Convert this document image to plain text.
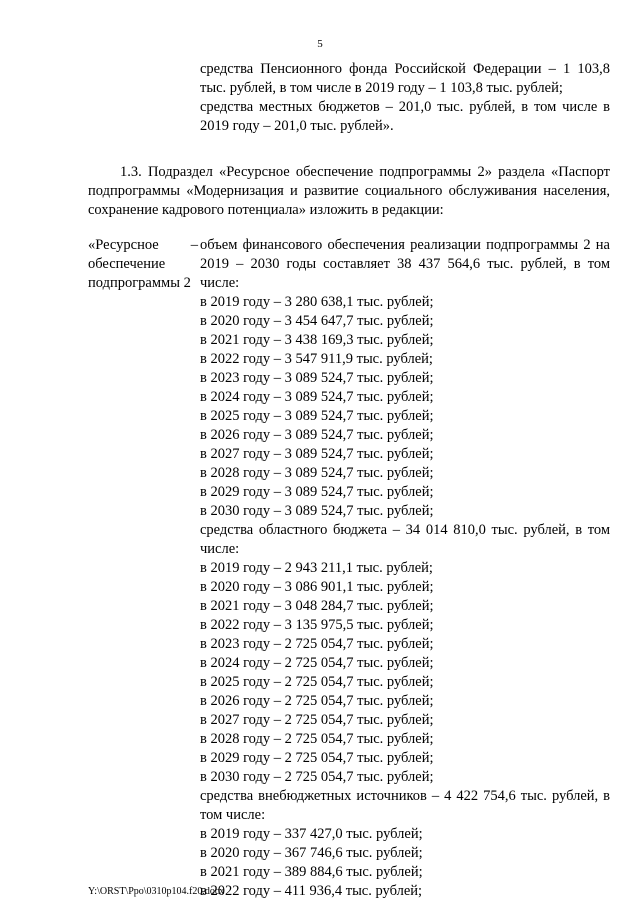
5

средства Пенсионного фонда Российской Федерации – 1 103,8 тыс. рублей, в том числе в 2019 году – 1 103,8 тыс. рублей;

средства местных бюджетов – 201,0 тыс. рублей, в том числе в 2019 году – 201,0 тыс. рублей».

1.3. Подраздел «Ресурсное обеспечение подпрограммы 2» раздела «Паспорт подпрограммы «Модернизация и развитие социального обслуживания населения, сохранение кадрового потенциала» изложить в редакции:

«Ресурсное –
обеспечение
подпрограммы 2

объем финансового обеспечения реализации подпрограммы 2 на 2019 – 2030 годы составляет 38 437 564,6 тыс. рублей, в том числе:

в 2019 году – 3 280 638,1 тыс. рублей;
в 2020 году – 3 454 647,7 тыс. рублей;
в 2021 году – 3 438 169,3 тыс. рублей;
в 2022 году – 3 547 911,9 тыс. рублей;
в 2023 году – 3 089 524,7 тыс. рублей;
в 2024 году – 3 089 524,7 тыс. рублей;
в 2025 году – 3 089 524,7 тыс. рублей;
в 2026 году – 3 089 524,7 тыс. рублей;
в 2027 году – 3 089 524,7 тыс. рублей;
в 2028 году – 3 089 524,7 тыс. рублей;
в 2029 году – 3 089 524,7 тыс. рублей;
в 2030 году – 3 089 524,7 тыс. рублей;

средства областного бюджета – 34 014 810,0 тыс. рублей, в том числе:

в 2019 году – 2 943 211,1 тыс. рублей;
в 2020 году – 3 086 901,1 тыс. рублей;
в 2021 году – 3 048 284,7 тыс. рублей;
в 2022 году – 3 135 975,5 тыс. рублей;
в 2023 году – 2 725 054,7 тыс. рублей;
в 2024 году – 2 725 054,7 тыс. рублей;
в 2025 году – 2 725 054,7 тыс. рублей;
в 2026 году – 2 725 054,7 тыс. рублей;
в 2027 году – 2 725 054,7 тыс. рублей;
в 2028 году – 2 725 054,7 тыс. рублей;
в 2029 году – 2 725 054,7 тыс. рублей;
в 2030 году – 2 725 054,7 тыс. рублей;

средства внебюджетных источников – 4 422 754,6 тыс. рублей, в том числе:

в 2019 году – 337 427,0 тыс. рублей;
в 2020 году – 367 746,6 тыс. рублей;
в 2021 году – 389 884,6 тыс. рублей;
в 2022 году – 411 936,4 тыс. рублей;
Y:\ORST\Ppo\0310p104.f20.docx
